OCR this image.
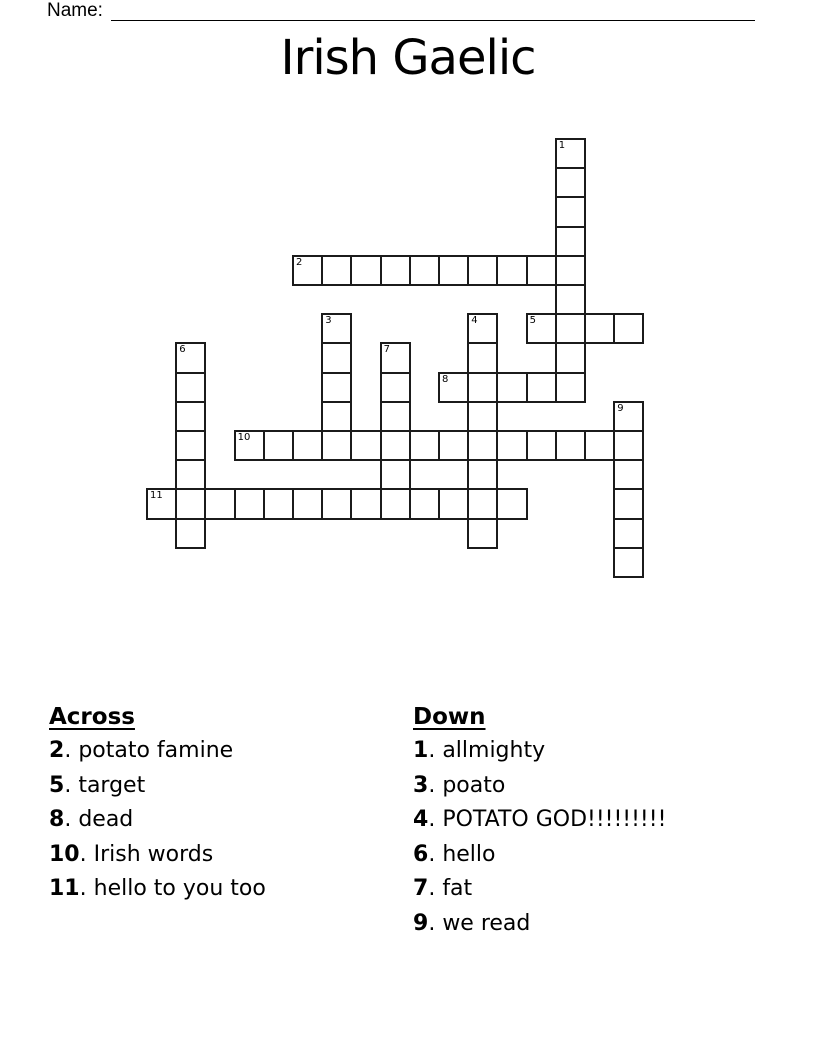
Name:
Irish Gaelic
1
2
3	4	5
6	7
8
9
10
11
Across
2. potato famine
5. target
8. dead
10. Irish words
11. hello to you too
Down
1. allmighty
3. poato
4. POTATO GOD!!!!!!!!!
6. hello
7. fat
9. we read
